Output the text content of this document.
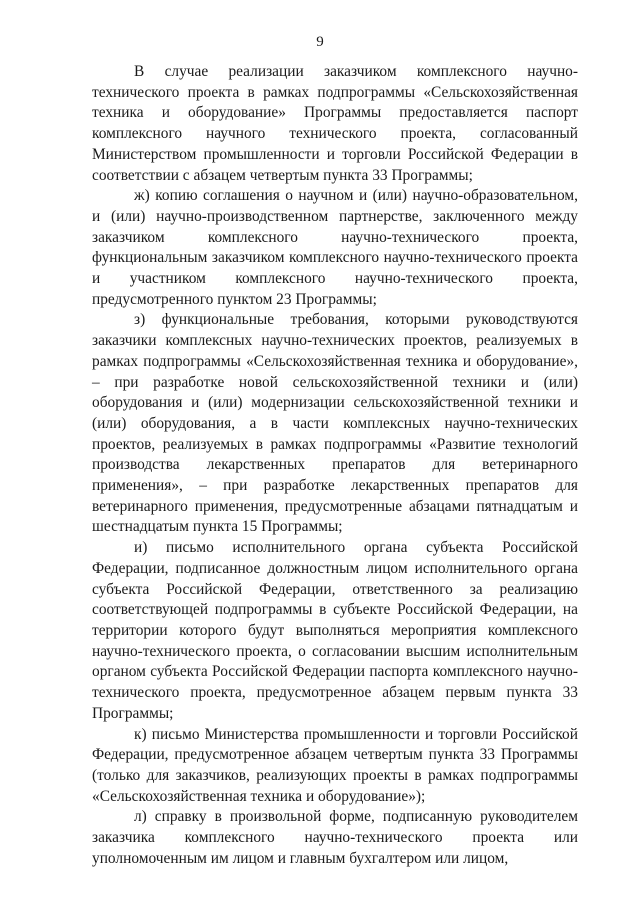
9

В случае реализации заказчиком комплексного научно-технического проекта в рамках подпрограммы «Сельскохозяйственная техника и оборудование» Программы предоставляется паспорт комплексного научного технического проекта, согласованный Министерством промышленности и торговли Российской Федерации в соответствии с абзацем четвертым пункта 33 Программы;

ж) копию соглашения о научном и (или) научно-образовательном, и (или) научно-производственном партнерстве, заключенного между заказчиком комплексного научно-технического проекта, функциональным заказчиком комплексного научно-технического проекта и участником комплексного научно-технического проекта, предусмотренного пунктом 23 Программы;

з) функциональные требования, которыми руководствуются заказчики комплексных научно-технических проектов, реализуемых в рамках подпрограммы «Сельскохозяйственная техника и оборудование», – при разработке новой сельскохозяйственной техники и (или) оборудования и (или) модернизации сельскохозяйственной техники и (или) оборудования, а в части комплексных научно-технических проектов, реализуемых в рамках подпрограммы «Развитие технологий производства лекарственных препаратов для ветеринарного применения», – при разработке лекарственных препаратов для ветеринарного применения, предусмотренные абзацами пятнадцатым и шестнадцатым пункта 15 Программы;

и) письмо исполнительного органа субъекта Российской Федерации, подписанное должностным лицом исполнительного органа субъекта Российской Федерации, ответственного за реализацию соответствующей подпрограммы в субъекте Российской Федерации, на территории которого будут выполняться мероприятия комплексного научно-технического проекта, о согласовании высшим исполнительным органом субъекта Российской Федерации паспорта комплексного научно-технического проекта, предусмотренное абзацем первым пункта 33 Программы;

к) письмо Министерства промышленности и торговли Российской Федерации, предусмотренное абзацем четвертым пункта 33 Программы (только для заказчиков, реализующих проекты в рамках подпрограммы «Сельскохозяйственная техника и оборудование»);

л) справку в произвольной форме, подписанную руководителем заказчика комплексного научно-технического проекта или уполномоченным им лицом и главным бухгалтером или лицом,
